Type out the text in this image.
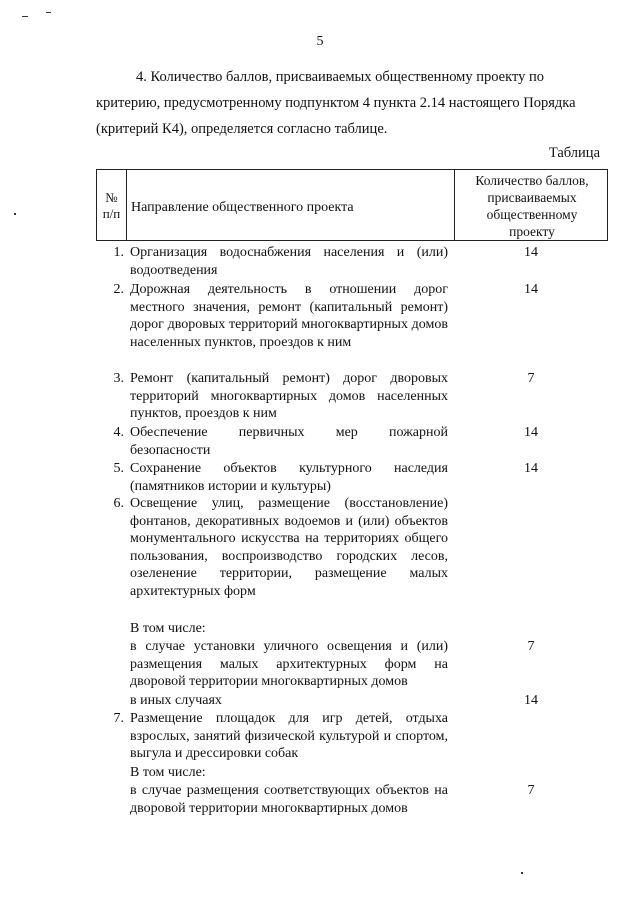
5
4. Количество баллов, присваиваемых общественному проекту по
критерию, предусмотренному подпунктом 4 пункта 2.14 настоящего Порядка
(критерий К4), определяется согласно таблице.
Таблица
№
п/п Направление общественного проекта
Количество баллов,
присваиваемых
общественному
проекту
1. Организация водоснабжения населения и (или) водоотведения
14
2. Дорожная деятельность в отношении дорог местного значения, ремонт (капитальный ремонт) дорог дворовых территорий многоквартирных домов населенных пунктов, проездов к ним
14
3. Ремонт (капитальный ремонт) дорог дворовых территорий многоквартирных домов населенных пунктов, проездов к ним
7
4. Обеспечение первичных мер пожарной безопасности
14
5. Сохранение объектов культурного наследия (памятников истории и культуры)
14
6. Освещение улиц, размещение (восстановление) фонтанов, декоративных водоемов и (или) объектов монументального искусства на территориях общего пользования, воспроизводство городских лесов, озеленение территории, размещение малых архитектурных форм
В том числе:
в случае установки уличного освещения и (или) размещения малых архитектурных форм на дворовой территории многоквартирных домов
7
в иных случаях	14
7. Размещение площадок для игр детей, отдыха взрослых, занятий физической культурой и спортом, выгула и дрессировки собак
В том числе:
в случае размещения соответствующих объектов на дворовой территории многоквартирных домов
7
